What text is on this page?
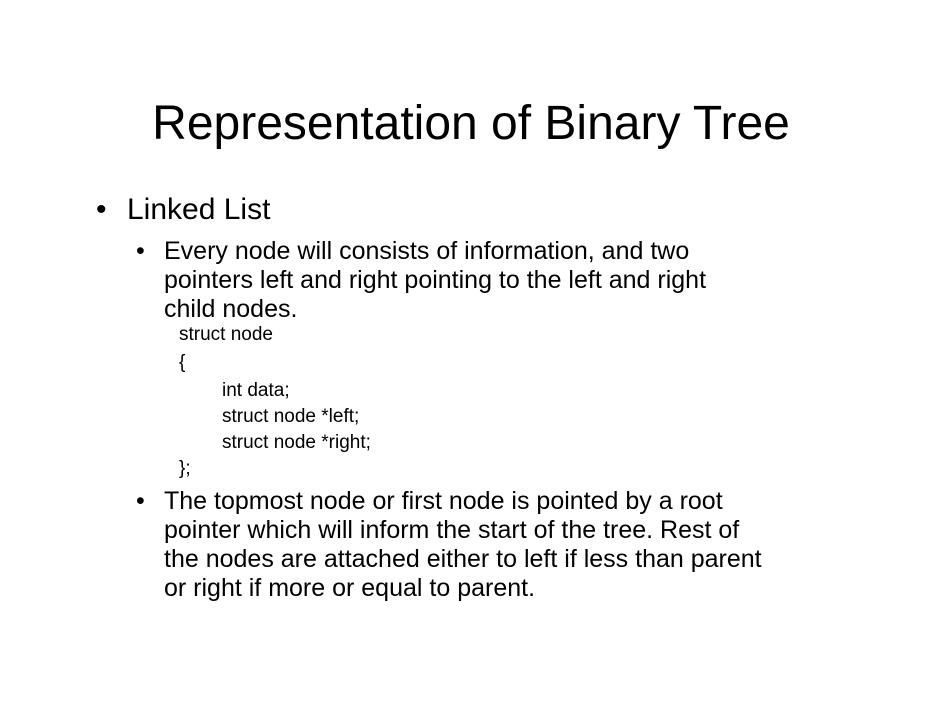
Representation of Binary Tree
• Linked List
• Every node will consists of information, and two
pointers left and right pointing to the left and right
child nodes.
struct node
{
int data;
struct node *left;
struct node *right;
};
• The topmost node or first node is pointed by a root
pointer which will inform the start of the tree. Rest of
the nodes are attached either to left if less than parent
or right if more or equal to parent.
